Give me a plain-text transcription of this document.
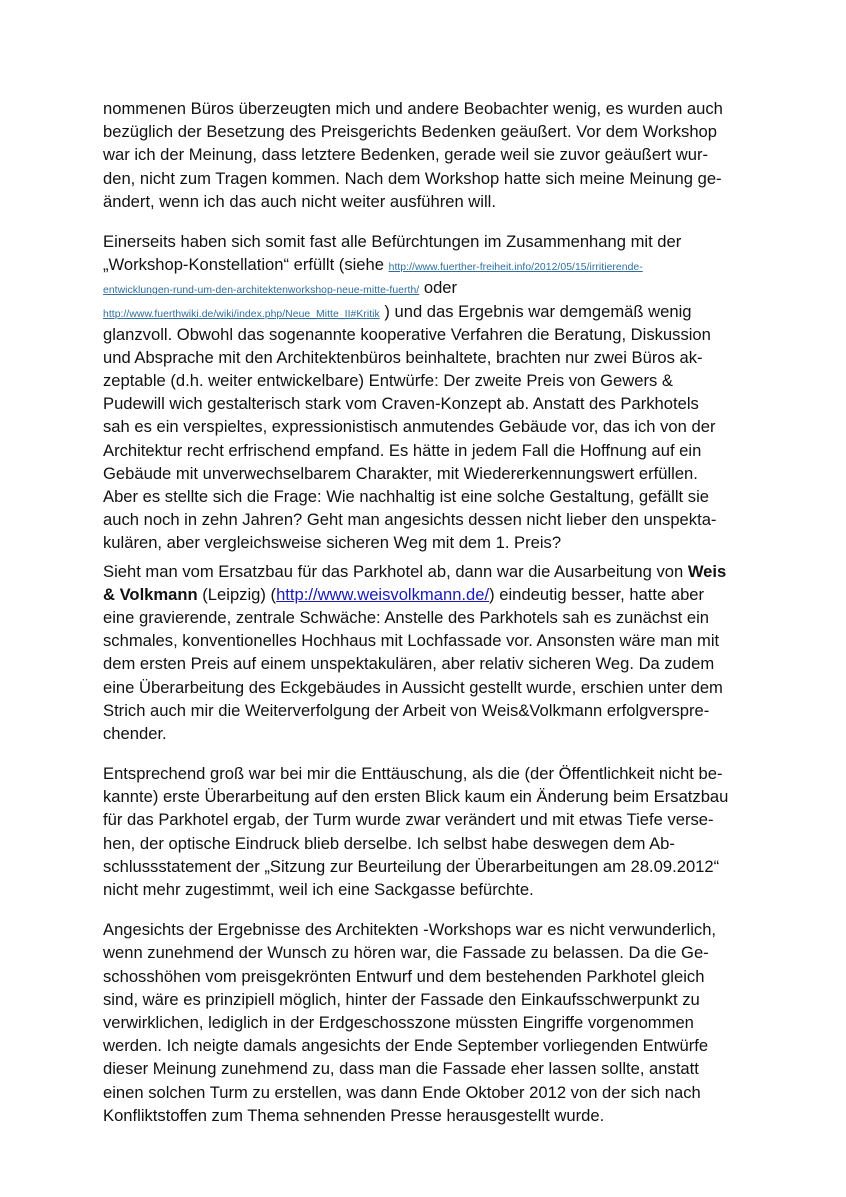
nommenen Büros überzeugten mich und andere Beobachter wenig, es wurden auch
bezüglich der Besetzung des Preisgerichts Bedenken geäußert. Vor dem Workshop
war ich der Meinung, dass letztere Bedenken, gerade weil sie zuvor geäußert wur-
den, nicht zum Tragen kommen. Nach dem Workshop hatte sich meine Meinung ge-
ändert, wenn ich das auch nicht weiter ausführen will.
Einerseits haben sich somit fast alle Befürchtungen im Zusammenhang mit der
„Workshop-Konstellation“ erfüllt (siehe http://www.fuerther-freiheit.info/2012/05/15/irritierende-
entwicklungen-rund-um-den-architektenworkshop-neue-mitte-fuerth/ oder
http://www.fuerthwiki.de/wiki/index.php/Neue_Mitte_II#Kritik ) und das Ergebnis war demgemäß wenig
glanzvoll. Obwohl das sogenannte kooperative Verfahren die Beratung, Diskussion
und Absprache mit den Architektenbüros beinhaltete, brachten nur zwei Büros ak-
zeptable (d.h. weiter entwickelbare) Entwürfe: Der zweite Preis von Gewers &
Pudewill wich gestalterisch stark vom Craven-Konzept ab. Anstatt des Parkhotels
sah es ein verspieltes, expressionistisch anmutendes Gebäude vor, das ich von der
Architektur recht erfrischend empfand. Es hätte in jedem Fall die Hoffnung auf ein
Gebäude mit unverwechselbarem Charakter, mit Wiedererkennungswert erfüllen.
Aber es stellte sich die Frage: Wie nachhaltig ist eine solche Gestaltung, gefällt sie
auch noch in zehn Jahren? Geht man angesichts dessen nicht lieber den unspekta-
kulären, aber vergleichsweise sicheren Weg mit dem 1. Preis?
Sieht man vom Ersatzbau für das Parkhotel ab, dann war die Ausarbeitung von Weis
& Volkmann (Leipzig) (http://www.weisvolkmann.de/) eindeutig besser, hatte aber
eine gravierende, zentrale Schwäche: Anstelle des Parkhotels sah es zunächst ein
schmales, konventionelles Hochhaus mit Lochfassade vor. Ansonsten wäre man mit
dem ersten Preis auf einem unspektakulären, aber relativ sicheren Weg. Da zudem
eine Überarbeitung des Eckgebäudes in Aussicht gestellt wurde, erschien unter dem
Strich auch mir die Weiterverfolgung der Arbeit von Weis&Volkmann erfolgverspre-
chender.
Entsprechend groß war bei mir die Enttäuschung, als die (der Öffentlichkeit nicht be-
kannte) erste Überarbeitung auf den ersten Blick kaum ein Änderung beim Ersatzbau
für das Parkhotel ergab, der Turm wurde zwar verändert und mit etwas Tiefe verse-
hen, der optische Eindruck blieb derselbe. Ich selbst habe deswegen dem Ab-
schlussstatement der „Sitzung zur Beurteilung der Überarbeitungen am 28.09.2012“
nicht mehr zugestimmt, weil ich eine Sackgasse befürchte.
Angesichts der Ergebnisse des Architekten -Workshops war es nicht verwunderlich,
wenn zunehmend der Wunsch zu hören war, die Fassade zu belassen. Da die Ge-
schosshöhen vom preisgekrönten Entwurf und dem bestehenden Parkhotel gleich
sind, wäre es prinzipiell möglich, hinter der Fassade den Einkaufsschwerpunkt zu
verwirklichen, lediglich in der Erdgeschosszone müssten Eingriffe vorgenommen
werden. Ich neigte damals angesichts der Ende September vorliegenden Entwürfe
dieser Meinung zunehmend zu, dass man die Fassade eher lassen sollte, anstatt
einen solchen Turm zu erstellen, was dann Ende Oktober 2012 von der sich nach
Konfliktstoffen zum Thema sehnenden Presse herausgestellt wurde.
